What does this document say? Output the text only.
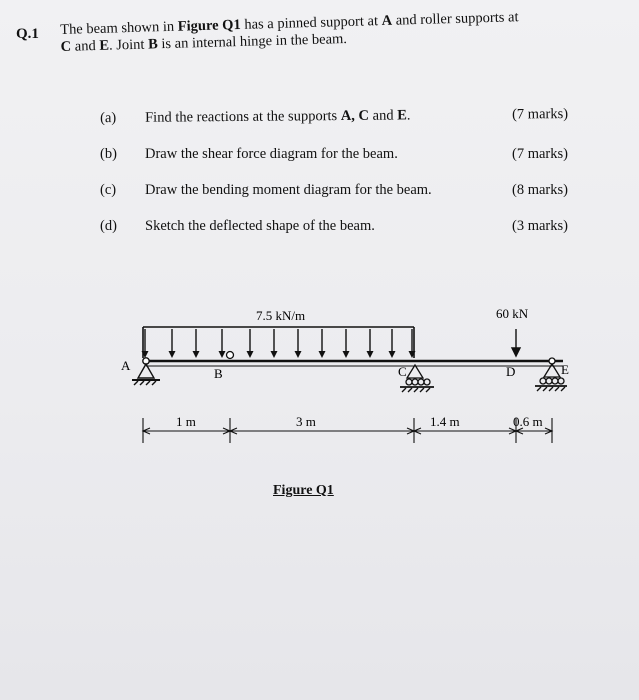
Q.1 The beam shown in Figure Q1 has a pinned support at A and roller supports at
C and E. Joint B is an internal hinge in the beam.
(a) Find the reactions at the supports A, C and E.	(7 marks)
(b) Draw the shear force diagram for the beam.	(7 marks)
(c) Draw the bending moment diagram for the beam.	(8 marks)
(d) Sketch the deflected shape of the beam.	(3 marks)
7.5 kN/m
A
B	C
60 kN
D	E
1 m	3 m	1.4 m	0.6 m
Figure Q1
